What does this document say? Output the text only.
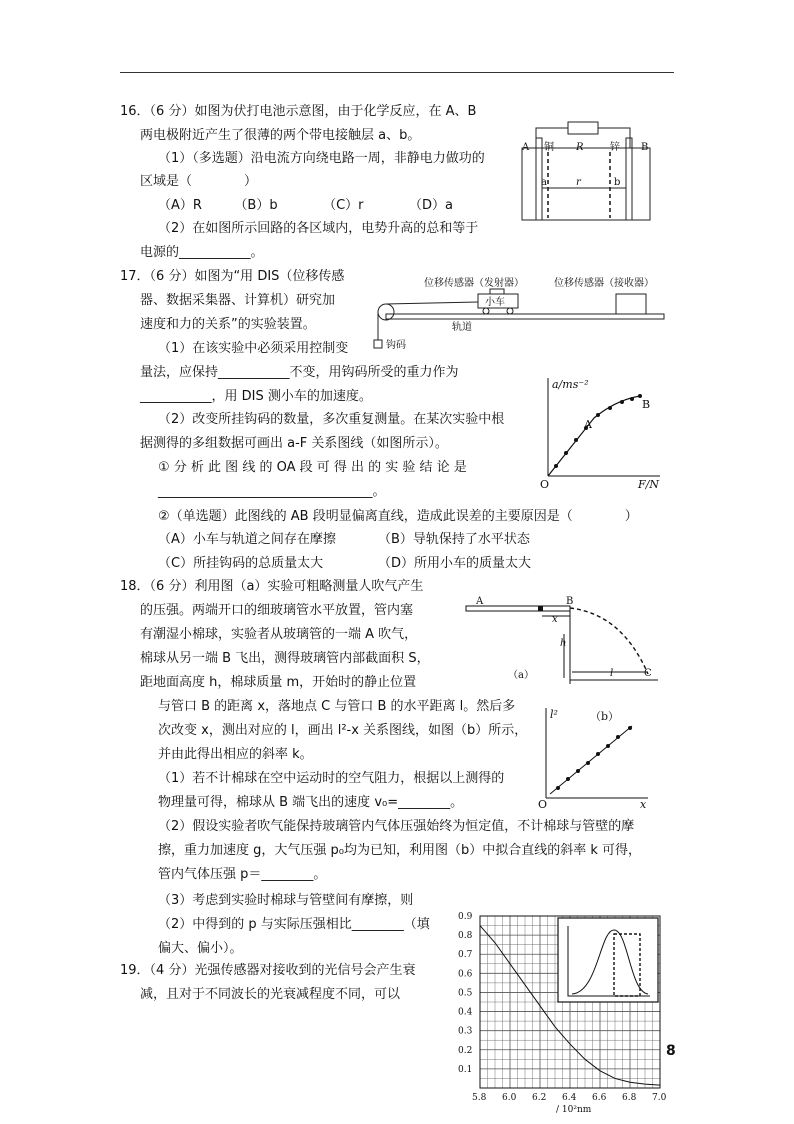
16．（6 分）如图为伏打电池示意图，由于化学反应，在 A、B
两电极附近产生了很薄的两个带电接触层 a、b。
（1）（多选题）沿电流方向绕电路一周，非静电力做功的
区域是（　　　　）
（A）R　　　（B）b　　　　（C）r　　　　（D）a
（2）在如图所示回路的各区域内，电势升高的总和等于
电源的___________。
A 铜 R	锌 B
a	r	b
17．（6 分）如图为“用 DIS（位移传感
器、数据采集器、计算机）研究加
速度和力的关系”的实验装置。
（1）在该实验中必须采用控制变
量法，应保持___________不变，用钩码所受的重力作为
___________，用 DIS 测小车的加速度。
（2）改变所挂钩码的数量，多次重复测量。在某次实验中根
据测得的多组数据可画出 a-F 关系图线（如图所示）。
① 分 析 此 图 线 的 OA 段 可 得 出 的 实 验 结 论 是
_________________________________。
②（单选题）此图线的 AB 段明显偏离直线，造成此误差的主要原因是（　　　　）
（A）小车与轨道之间存在摩擦	（B）导轨保持了水平状态
（C）所挂钩码的总质量太大	（D）所用小车的质量太大
位移传感器（发射器）	位移传感器（接收器）
小车
轨道
钩码
a/ms⁻²
F/N
O
A
B
18．（6 分）利用图（a）实验可粗略测量人吹气产生
的压强。两端开口的细玻璃管水平放置，管内塞
有潮湿小棉球，实验者从玻璃管的一端 A 吹气，
棉球从另一端 B 飞出，测得玻璃管内部截面积 S，
距地面高度 h，棉球质量 m，开始时的静止位置
与管口 B 的距离 x，落地点 C 与管口 B 的水平距离 l。然后多
次改变 x，测出对应的 l，画出 l²-x 关系图线，如图（b）所示，
并由此得出相应的斜率 k。
（1）若不计棉球在空中运动时的空气阻力，根据以上测得的
物理量可得，棉球从 B 端飞出的速度 v₀=________。
（2）假设实验者吹气能保持玻璃管内气体压强始终为恒定值，不计棉球与管壁的摩
擦，重力加速度 g，大气压强 p₀均为已知，利用图（b）中拟合直线的斜率 k 可得，
管内气体压强 p＝________。
（3）考虑到实验时棉球与管壁间有摩擦，则
（2）中得到的 p 与实际压强相比________（填
偏大、偏小）。
A	B
x
h
l	C
（a）
l²	（b）
O	x
19．（4 分）光强传感器对接收到的光信号会产生衰
减，且对于不同波长的光衰减程度不同，可以
5.8 6.0 6.2 6.4 6.6 6.8 7.0
0.1
0.2
0.3
0.4
0.5
0.6
0.7
0.8
0.9
/ 10²nm
8
